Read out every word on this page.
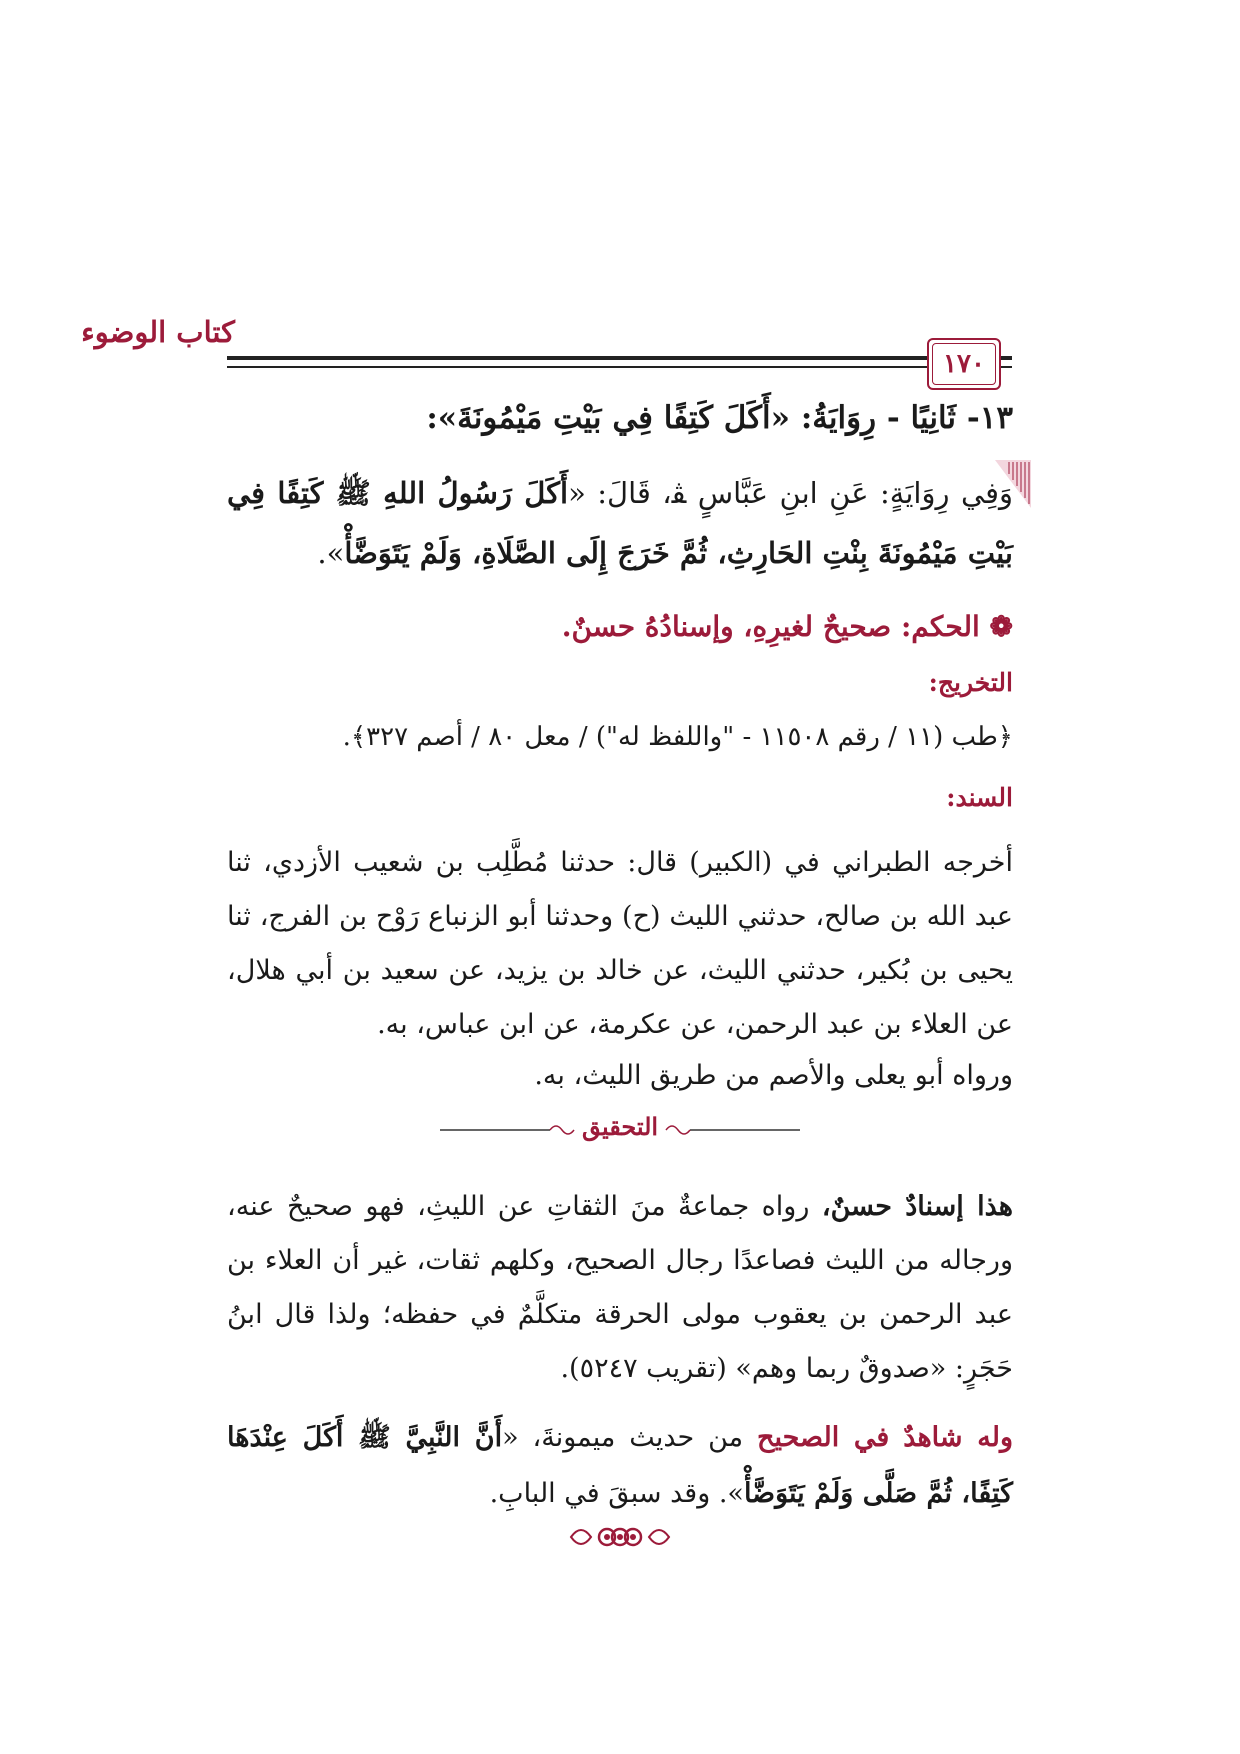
كتاب الوضوء
١٧٠
١٣- ثَانِيًا - رِوَايَةُ: «أَكَلَ كَتِفًا فِي بَيْتِ مَيْمُونَةَ»:
وَفِي رِوَايَةٍ: عَنِ ابنِ عَبَّاسٍ ﭭ، قَالَ: «أَكَلَ رَسُولُ اللهِ ﷺ كَتِفًا فِي بَيْتِ مَيْمُونَةَ بِنْتِ الحَارِثِ، ثُمَّ خَرَجَ إِلَى الصَّلَاةِ، وَلَمْ يَتَوَضَّأْ».
❁ الحكم: صحيحٌ لغيرِهِ، وإسنادُهُ حسنٌ.
التخريج:
﴿طب (١١ / رقم ١١٥٠٨ - "واللفظ له") / معل ٨٠ / أصم ٣٢٧﴾.
السند:
أخرجه الطبراني في (الكبير) قال: حدثنا مُطَّلِب بن شعيب الأزدي، ثنا عبد الله بن صالح، حدثني الليث (ح) وحدثنا أبو الزنباع رَوْح بن الفرج، ثنا يحيى بن بُكير، حدثني الليث، عن خالد بن يزيد، عن سعيد بن أبي هلال، عن العلاء بن عبد الرحمن، عن عكرمة، عن ابن عباس، به.
ورواه أبو يعلى والأصم من طريق الليث، به.
التحقيق
هذا إسنادٌ حسنٌ، رواه جماعةٌ منَ الثقاتِ عن الليثِ، فهو صحيحٌ عنه، ورجاله من الليث فصاعدًا رجال الصحيح، وكلهم ثقات، غير أن العلاء بن عبد الرحمن بن يعقوب مولى الحرقة متكلَّمٌ في حفظه؛ ولذا قال ابنُ حَجَرٍ: «صدوقٌ ربما وهم» (تقريب ٥٢٤٧).
وله شاهدٌ في الصحيح من حديث ميمونةَ، «أَنَّ النَّبِيَّ ﷺ أَكَلَ عِنْدَهَا كَتِفًا، ثُمَّ صَلَّى وَلَمْ يَتَوَضَّأْ». وقد سبقَ في البابِ.
